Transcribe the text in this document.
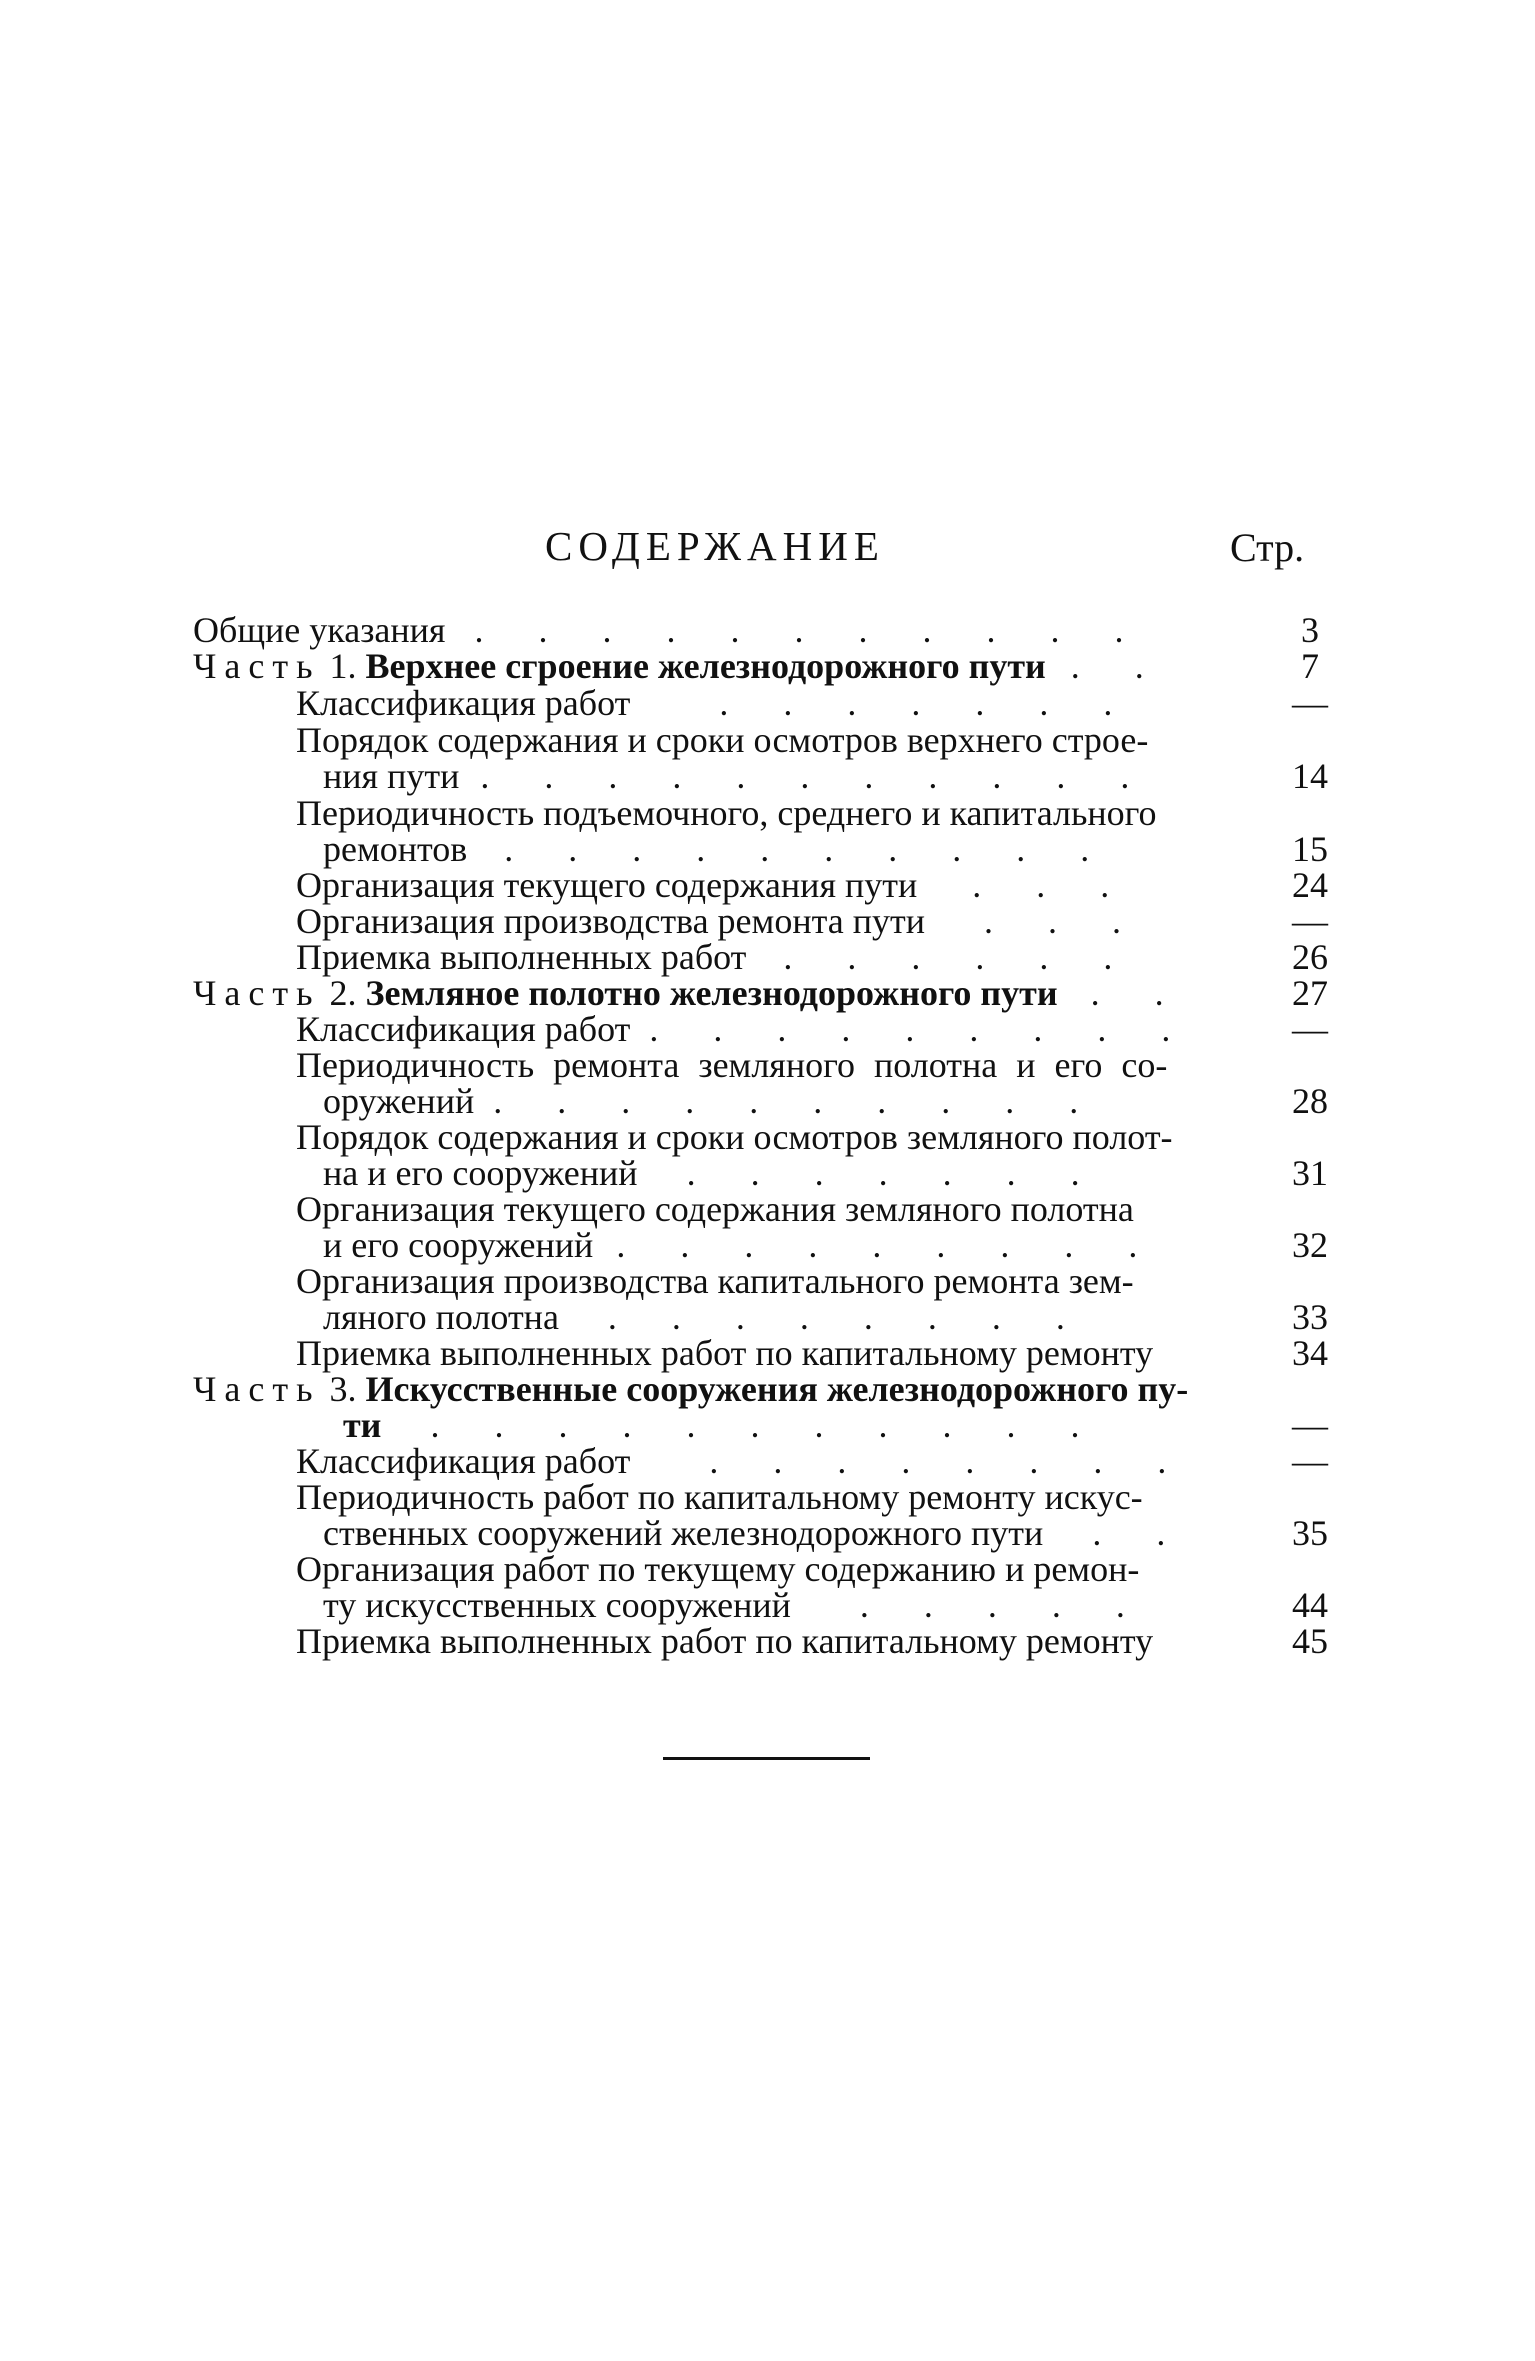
СОДЕРЖАНИЕ	Стр.
Общие указания . . . . . . . . . . .	3
Часть 1. Верхнее сгроение железнодорожного пути . .	7
Классификация работ . . . . . . .	—
Порядок содержания и сроки осмотров верхнего строе-
ния пути . . . . . . . . . . .	14
Периодичность подъемочного, среднего и капитального
ремонтов . . . . . . . . . .	15
Организация текущего содержания пути . . .	24
Организация производства ремонта пути . . .	—
Приемка выполненных работ . . . . . .	26
Часть 2. Земляное полотно железнодорожного пути . .	27
Классификация работ . . . . . . . . .	—
Периодичность ремонта земляного полотна и его со-
оружений . . . . . . . . . .	28
Порядок содержания и сроки осмотров земляного полот-
на и его сооружений . . . . . . .	31
Организация текущего содержания земляного полотна
и его сооружений . . . . . . . . .	32
Организация производства капитального ремонта зем-
ляного полотна . . . . . . . .	33
Приемка выполненных работ по капитальному ремонту	34
Часть 3. Искусственные сооружения железнодорожного пу-
ти . . . . . . . . . . .	—
Классификация работ . . . . . . . .	—
Периодичность работ по капитальному ремонту искус-
ственных сооружений железнодорожного пути . .	35
Организация работ по текущему содержанию и ремон-
ту искусственных сооружений . . . . .	44
Приемка выполненных работ по капитальному ремонту	45
